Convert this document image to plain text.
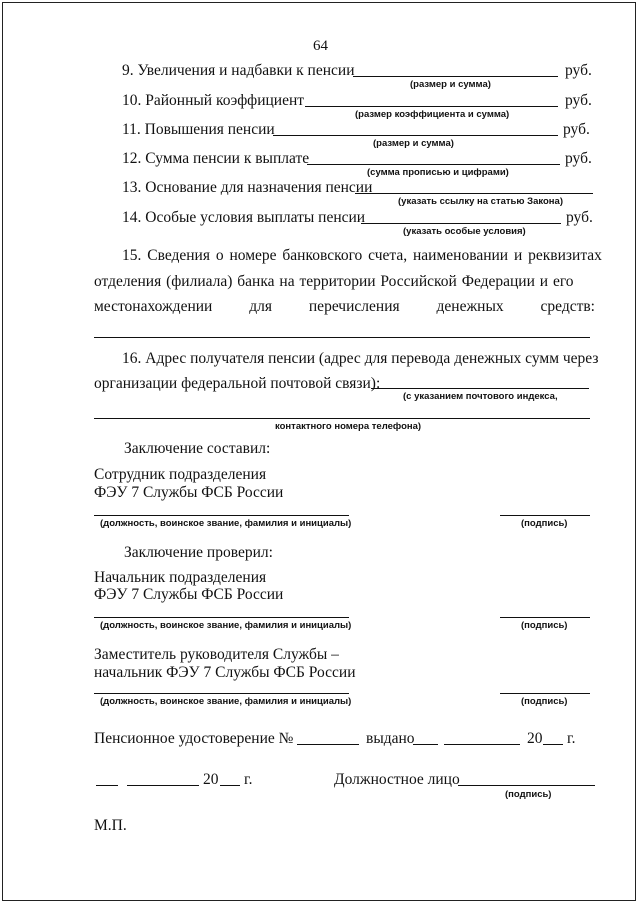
64
9. Увеличения и надбавки к пенсии	руб.
(размер и сумма)
10. Районный коэффициент	руб.
(размер коэффициента и сумма)
11. Повышения пенсии	руб.
(размер и сумма)
12. Сумма пенсии к выплате	руб.
(сумма прописью и цифрами)
13. Основание для назначения пенсии
(указать ссылку на статью Закона)
14. Особые условия выплаты пенсии	руб.
(указать особые условия)
15. Сведения о номере банковского счета, наименовании и реквизитах
отделения (филиала) банка на территории Российской Федерации и его
местонахождении для перечисления денежных средств:
16. Адрес получателя пенсии (адрес для перевода денежных сумм через
организации федеральной почтовой связи):
(с указанием почтового индекса,
контактного номера телефона)
Заключение составил:
Сотрудник подразделения
ФЭУ 7 Службы ФСБ России
(должность, воинское звание, фамилия и инициалы)	(подпись)
Заключение проверил:
Начальник подразделения
ФЭУ 7 Службы ФСБ России
(должность, воинское звание, фамилия и инициалы)	(подпись)
Заместитель руководителя Службы –
начальник ФЭУ 7 Службы ФСБ России
(должность, воинское звание, фамилия и инициалы)	(подпись)
Пенсионное удостоверение №	выдано	20 г.
20 г.	Должностное лицо
(подпись)
М.П.
